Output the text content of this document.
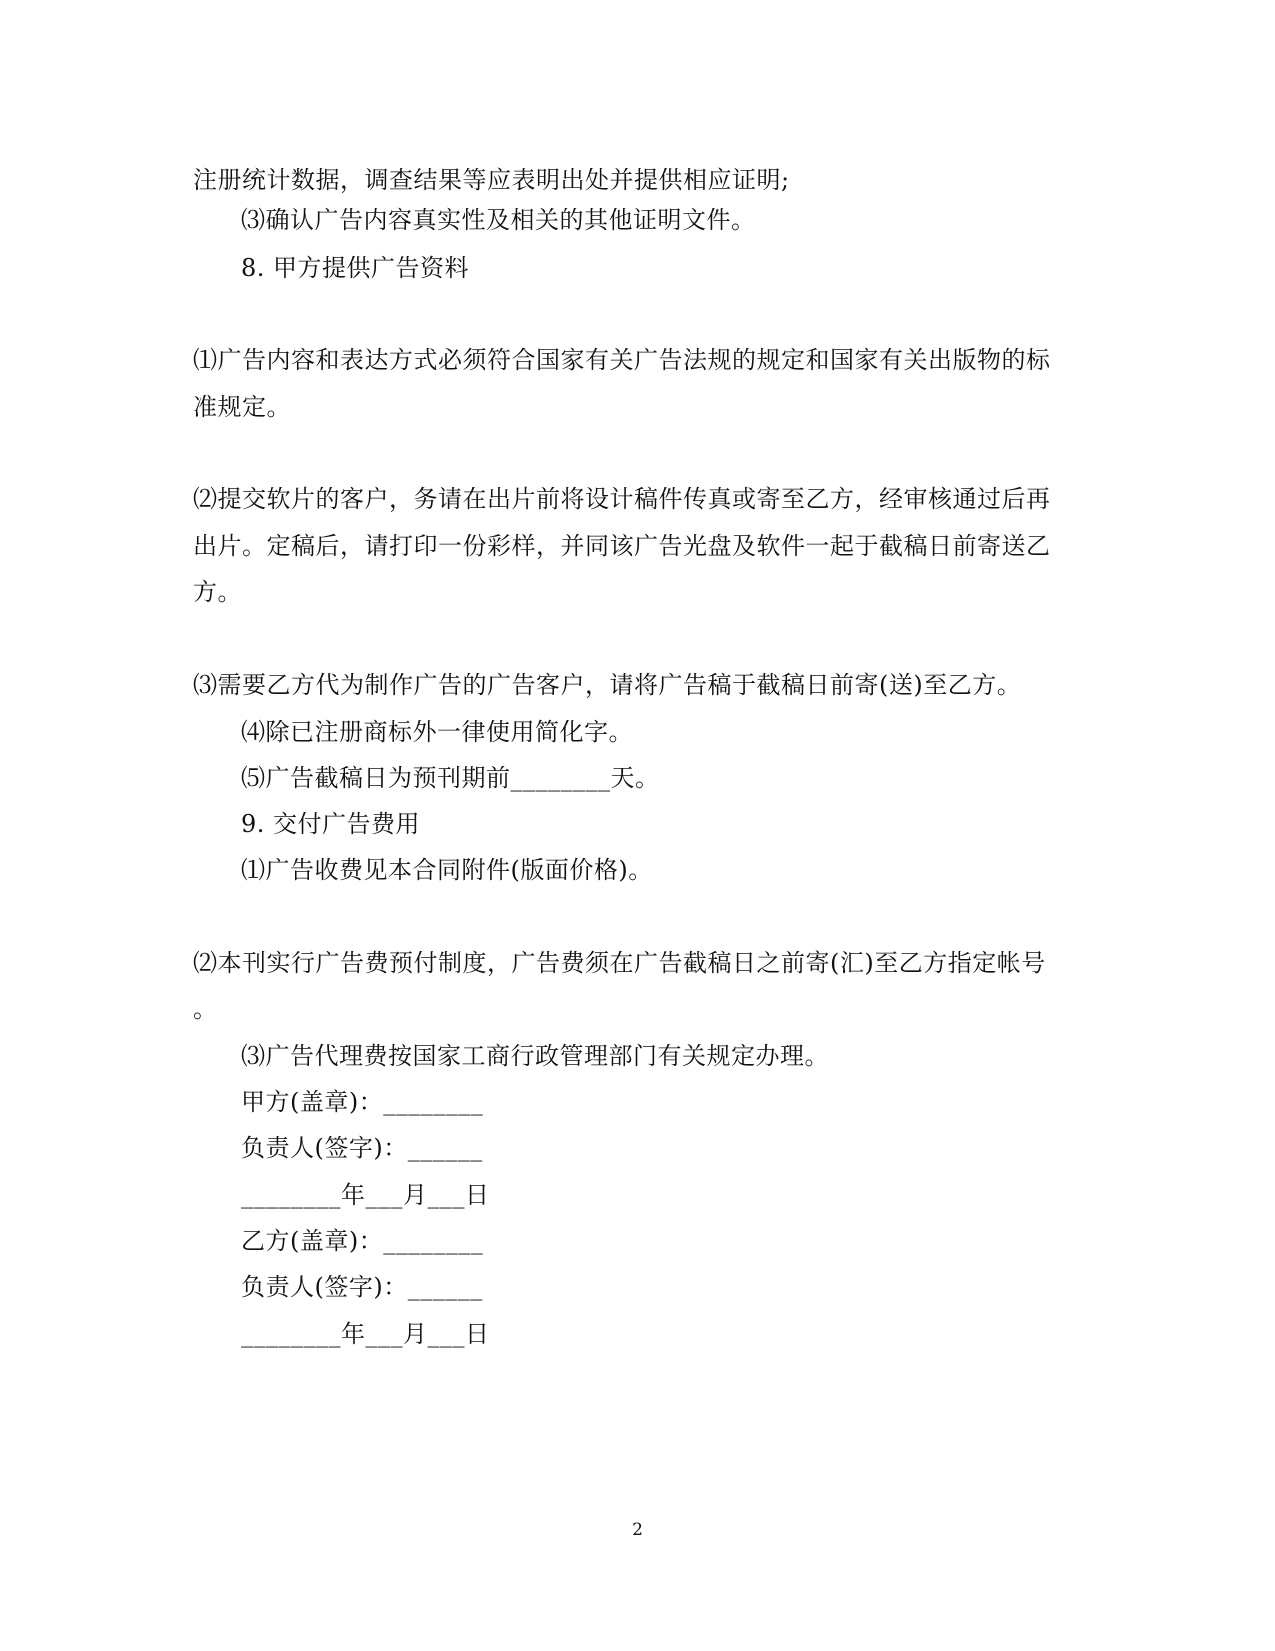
注册统计数据，调查结果等应表明出处并提供相应证明;
⑶确认广告内容真实性及相关的其他证明文件。
8. 甲方提供广告资料
⑴广告内容和表达方式必须符合国家有关广告法规的规定和国家有关出版物的标
准规定。
⑵提交软片的客户，务请在出片前将设计稿件传真或寄至乙方，经审核通过后再
出片。定稿后，请打印一份彩样，并同该广告光盘及软件一起于截稿日前寄送乙
方。
⑶需要乙方代为制作广告的广告客户，请将广告稿于截稿日前寄(送)至乙方。
⑷除已注册商标外一律使用简化字。
⑸广告截稿日为预刊期前________天。
9. 交付广告费用
⑴广告收费见本合同附件(版面价格)。
⑵本刊实行广告费预付制度，广告费须在广告截稿日之前寄(汇)至乙方指定帐号
。
⑶广告代理费按国家工商行政管理部门有关规定办理。
甲方(盖章)：________
负责人(签字)：______
________年___月___日
乙方(盖章)：________
负责人(签字)：______
________年___月___日
2
